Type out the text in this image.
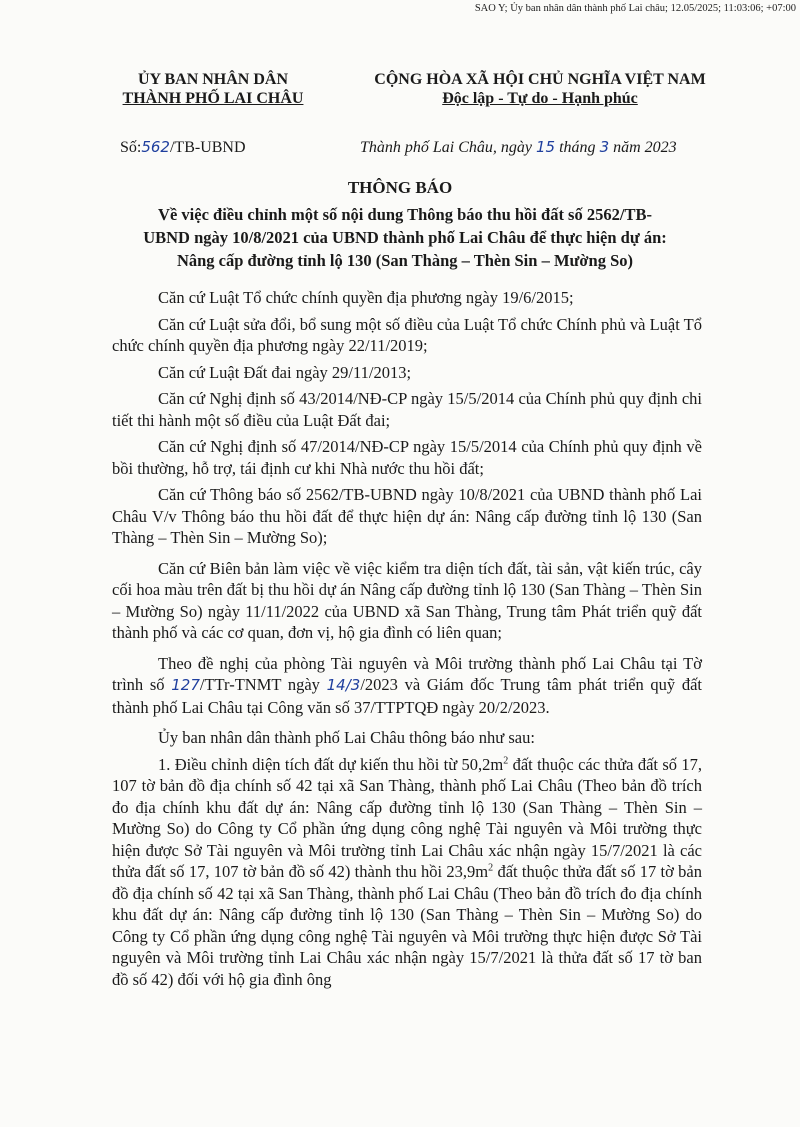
SAO Y; Ủy ban nhân dân thành phố Lai châu; 12.05/2025; 11:03:06; +07:00
ỦY BAN NHÂN DÂN
THÀNH PHỐ LAI CHÂU
CỘNG HÒA XÃ HỘI CHỦ NGHĨA VIỆT NAM
Độc lập - Tự do - Hạnh phúc
Số:562/TB-UBND	Thành phố Lai Châu, ngày 15 tháng 3 năm 2023
THÔNG BÁO
Về việc điều chỉnh một số nội dung Thông báo thu hồi đất số 2562/TB-
UBND ngày 10/8/2021 của UBND thành phố Lai Châu để thực hiện dự án:
Nâng cấp đường tỉnh lộ 130 (San Thàng – Thèn Sin – Mường So)

Căn cứ Luật Tổ chức chính quyền địa phương ngày 19/6/2015;

Căn cứ Luật sửa đổi, bổ sung một số điều của Luật Tổ chức Chính phủ và Luật Tổ chức chính quyền địa phương ngày 22/11/2019;

Căn cứ Luật Đất đai ngày 29/11/2013;

Căn cứ Nghị định số 43/2014/NĐ-CP ngày 15/5/2014 của Chính phủ quy định chi tiết thi hành một số điều của Luật Đất đai;

Căn cứ Nghị định số 47/2014/NĐ-CP ngày 15/5/2014 của Chính phủ quy định về bồi thường, hỗ trợ, tái định cư khi Nhà nước thu hồi đất;

Căn cứ Thông báo số 2562/TB-UBND ngày 10/8/2021 của UBND thành phố Lai Châu V/v Thông báo thu hồi đất để thực hiện dự án: Nâng cấp đường tỉnh lộ 130 (San Thàng – Thèn Sin – Mường So);

Căn cứ Biên bản làm việc về việc kiểm tra diện tích đất, tài sản, vật kiến trúc, cây cối hoa màu trên đất bị thu hồi dự án Nâng cấp đường tỉnh lộ 130 (San Thàng – Thèn Sin – Mường So) ngày 11/11/2022 của UBND xã San Thàng, Trung tâm Phát triển quỹ đất thành phố và các cơ quan, đơn vị, hộ gia đình có liên quan;

Theo đề nghị của phòng Tài nguyên và Môi trường thành phố Lai Châu tại Tờ trình số 127/TTr-TNMT ngày 14/3/2023 và Giám đốc Trung tâm phát triển quỹ đất thành phố Lai Châu tại Công văn số 37/TTPTQĐ ngày 20/2/2023.

Ủy ban nhân dân thành phố Lai Châu thông báo như sau:

1. Điều chỉnh diện tích đất dự kiến thu hồi từ $50,2m^2$ đất thuộc các thửa đất số 17, 107 tờ bản đồ địa chính số 42 tại xã San Thàng, thành phố Lai Châu (Theo bản đồ trích đo địa chính khu đất dự án: Nâng cấp đường tỉnh lộ 130 (San Thàng – Thèn Sin – Mường So) do Công ty Cổ phần ứng dụng công nghệ Tài nguyên và Môi trường thực hiện được Sở Tài nguyên và Môi trường tỉnh Lai Châu xác nhận ngày 15/7/2021 là các thửa đất số 17, 107 tờ bản đồ số 42) thành thu hồi $23,9m^2$ đất thuộc thửa đất số 17 tờ bản đồ địa chính số 42 tại xã San Thàng, thành phố Lai Châu (Theo bản đồ trích đo địa chính khu đất dự án: Nâng cấp đường tỉnh lộ 130 (San Thàng – Thèn Sin – Mường So) do Công ty Cổ phần ứng dụng công nghệ Tài nguyên và Môi trường thực hiện được Sở Tài nguyên và Môi trường tỉnh Lai Châu xác nhận ngày 15/7/2021 là thửa đất số 17 tờ ban đồ số 42) đối với hộ gia đình ông
